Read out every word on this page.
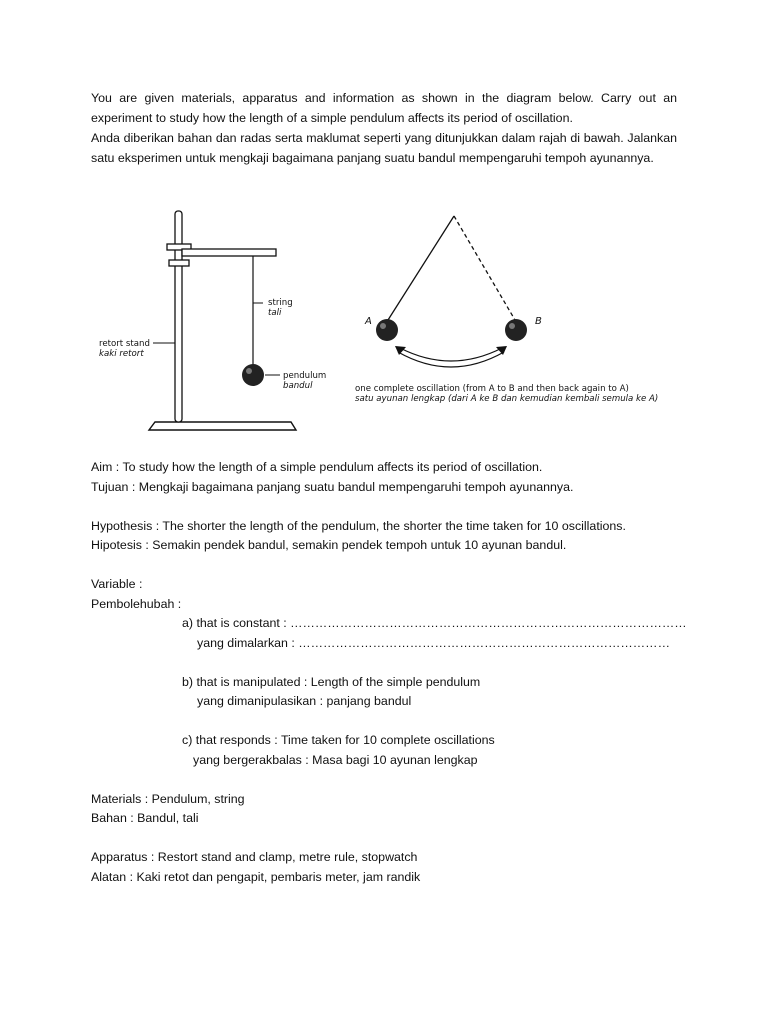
You are given materials, apparatus and information as shown in the diagram below. Carry out an experiment to study how the length of a simple pendulum affects its period of oscillation.

Anda diberikan bahan dan radas serta maklumat seperti yang ditunjukkan dalam rajah di bawah. Jalankan satu eksperimen untuk mengkaji bagaimana panjang suatu bandul mempengaruhi tempoh ayunannya.

string
tali
retort stand
kaki retort
pendulum
bandul
A	B
one complete oscillation (from A to B and then back again to A)
satu ayunan lengkap (dari A ke B dan kemudian kembali semula ke A)
Aim : To study how the length of a simple pendulum affects its period of oscillation.
Tujuan : Mengkaji bagaimana panjang suatu bandul mempengaruhi tempoh ayunannya.
Hypothesis : The shorter the length of the pendulum, the shorter the time taken for 10 oscillations.
Hipotesis : Semakin pendek bandul, semakin pendek tempoh untuk 10 ayunan bandul.
Variable :
Pembolehubah :
a) that is constant : ……………………………………………………………………………………
yang dimalarkan : ………………………………………………………………………………
b) that is manipulated : Length of the simple pendulum
yang dimanipulasikan : panjang bandul
c) that responds : Time taken for 10 complete oscillations
yang bergerakbalas : Masa bagi 10 ayunan lengkap
Materials : Pendulum, string
Bahan : Bandul, tali
Apparatus : Restort stand and clamp, metre rule, stopwatch
Alatan : Kaki retot dan pengapit, pembaris meter, jam randik
